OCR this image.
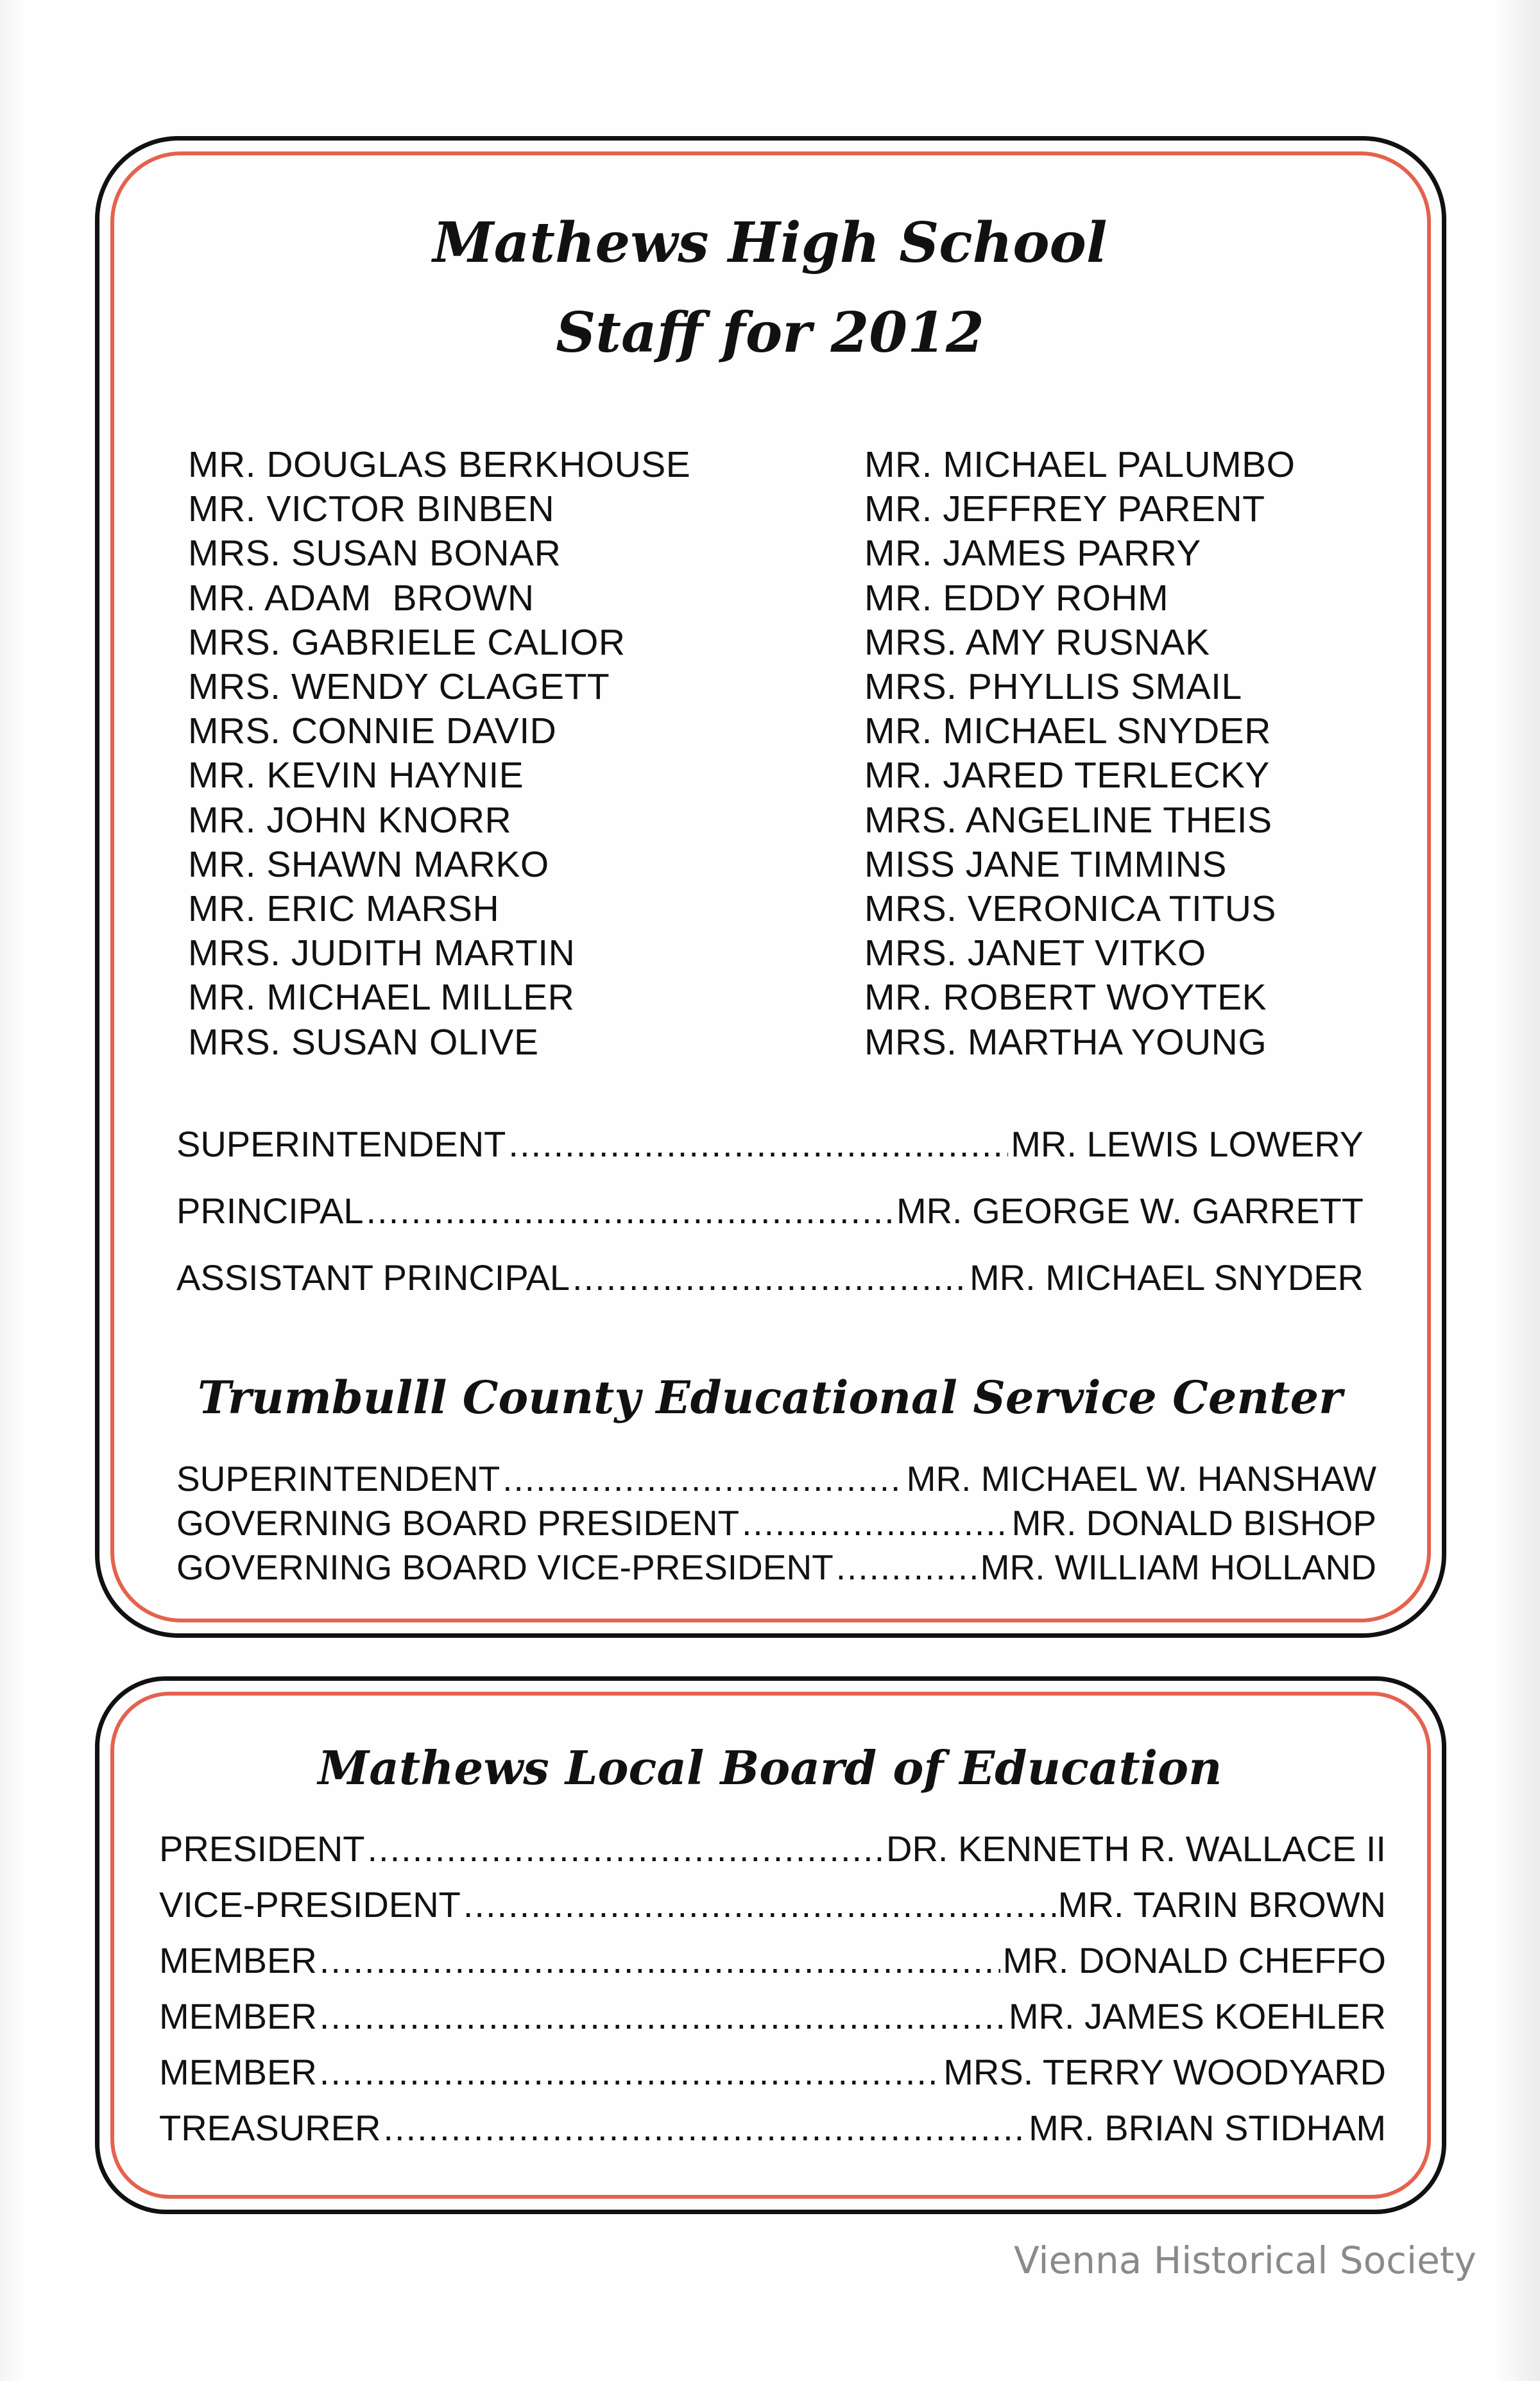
Mathews High School
Staff for 2012
MR. DOUGLAS BERKHOUSE
MR. VICTOR BINBEN
MRS. SUSAN BONAR
MR. ADAM  BROWN
MRS. GABRIELE CALIOR
MRS. WENDY CLAGETT
MRS. CONNIE DAVID
MR. KEVIN HAYNIE
MR. JOHN KNORR
MR. SHAWN MARKO
MR. ERIC MARSH
MRS. JUDITH MARTIN
MR. MICHAEL MILLER
MRS. SUSAN OLIVE
MR. MICHAEL PALUMBO
MR. JEFFREY PARENT
MR. JAMES PARRY
MR. EDDY ROHM
MRS. AMY RUSNAK
MRS. PHYLLIS SMAIL
MR. MICHAEL SNYDER
MR. JARED TERLECKY
MRS. ANGELINE THEIS
MISS JANE TIMMINS
MRS. VERONICA TITUS
MRS. JANET VITKO
MR. ROBERT WOYTEK
MRS. MARTHA YOUNG
SUPERINTENDENT .....	MR. LEWIS LOWERY
PRINCIPAL .....	MR. GEORGE W. GARRETT
ASSISTANT PRINCIPAL .....	MR. MICHAEL SNYDER
Trumbulll County Educational Service Center
SUPERINTENDENT .....	MR. MICHAEL W. HANSHAW
GOVERNING BOARD PRESIDENT .....	MR. DONALD BISHOP
GOVERNING BOARD VICE-PRESIDENT .....	MR. WILLIAM HOLLAND
Mathews Local Board of Education
PRESIDENT .....	DR. KENNETH R. WALLACE II
VICE-PRESIDENT .....	MR. TARIN BROWN
MEMBER .....	MR. DONALD CHEFFO
MEMBER .....	MR. JAMES KOEHLER
MEMBER .....	MRS. TERRY WOODYARD
TREASURER .....	MR. BRIAN STIDHAM
Vienna Historical Society
